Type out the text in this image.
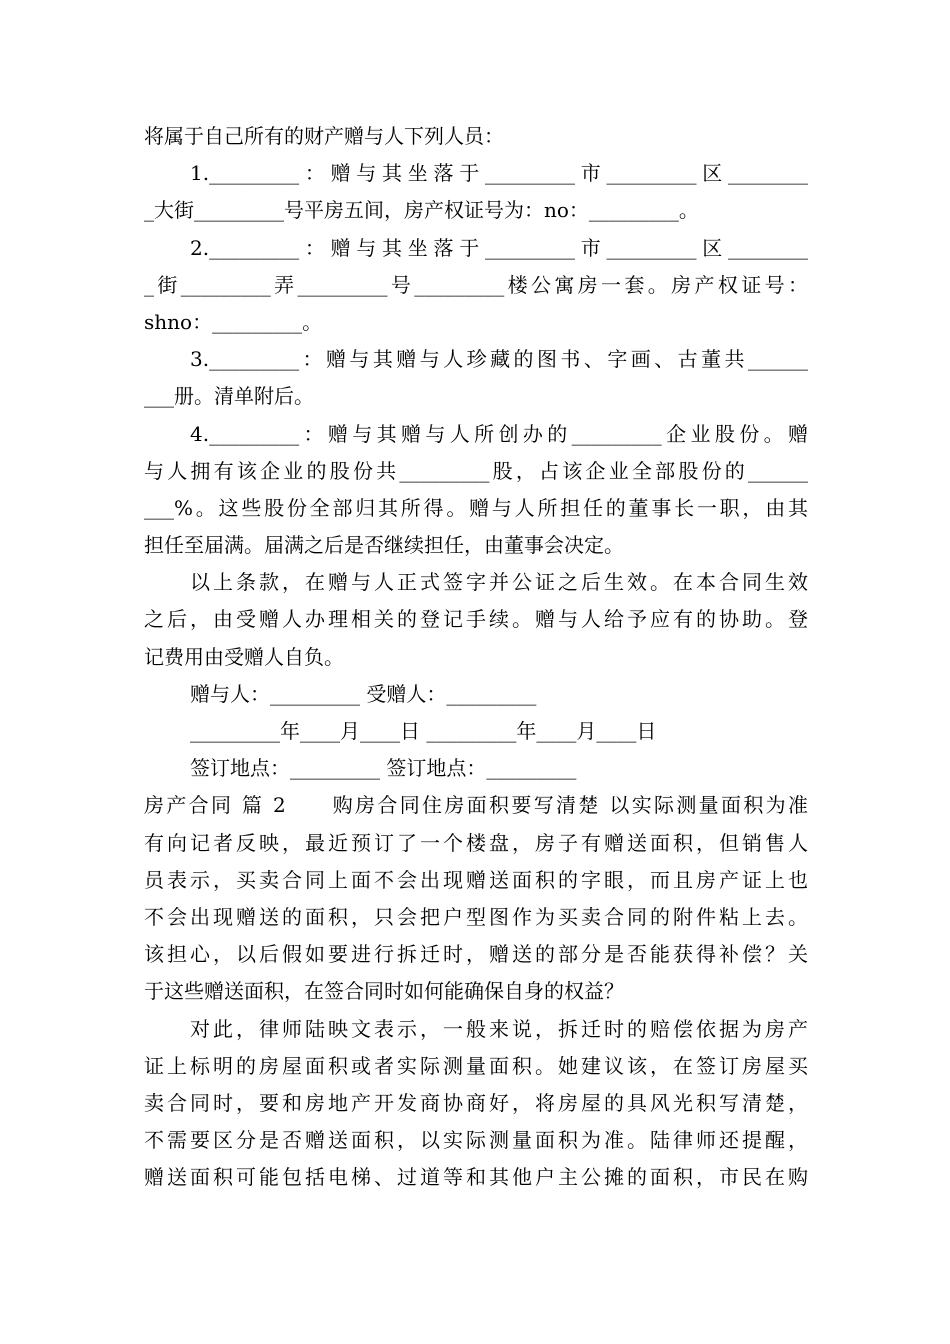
将属于自己所有的财产赠与人下列人员：
1._________：赠与其坐落于_________市_________区________
_大街_________号平房五间，房产权证号为：no：_________。
2._________：赠与其坐落于_________市_________区________
_街_________弄_________号_________楼公寓房一套。房产权证号：
shno：_________。
3._________：赠与其赠与人珍藏的图书、字画、古董共______
___册。清单附后。
4._________：赠与其赠与人所创办的_________企业股份。赠
与人拥有该企业的股份共_________股，占该企业全部股份的______
___%。这些股份全部归其所得。赠与人所担任的董事长一职，由其
担任至届满。届满之后是否继续担任，由董事会决定。
以上条款，在赠与人正式签字并公证之后生效。在本合同生效
之后，由受赠人办理相关的登记手续。赠与人给予应有的协助。登
记费用由受赠人自负。
赠与人：_________ 受赠人：_________
_________年____月____日 _________年____月____日
签订地点：_________ 签订地点：_________
房产合同 篇 2　　购房合同住房面积要写清楚 以实际测量面积为准
有向记者反映，最近预订了一个楼盘，房子有赠送面积，但销售人
员表示，买卖合同上面不会出现赠送面积的字眼，而且房产证上也
不会出现赠送的面积，只会把户型图作为买卖合同的附件粘上去。
该担心，以后假如要进行拆迁时，赠送的部分是否能获得补偿？关
于这些赠送面积，在签合同时如何能确保自身的权益？
对此，律师陆映文表示，一般来说，拆迁时的赔偿依据为房产
证上标明的房屋面积或者实际测量面积。她建议该，在签订房屋买
卖合同时，要和房地产开发商协商好，将房屋的具风光积写清楚，
不需要区分是否赠送面积，以实际测量面积为准。陆律师还提醒，
赠送面积可能包括电梯、过道等和其他户主公摊的面积，市民在购
